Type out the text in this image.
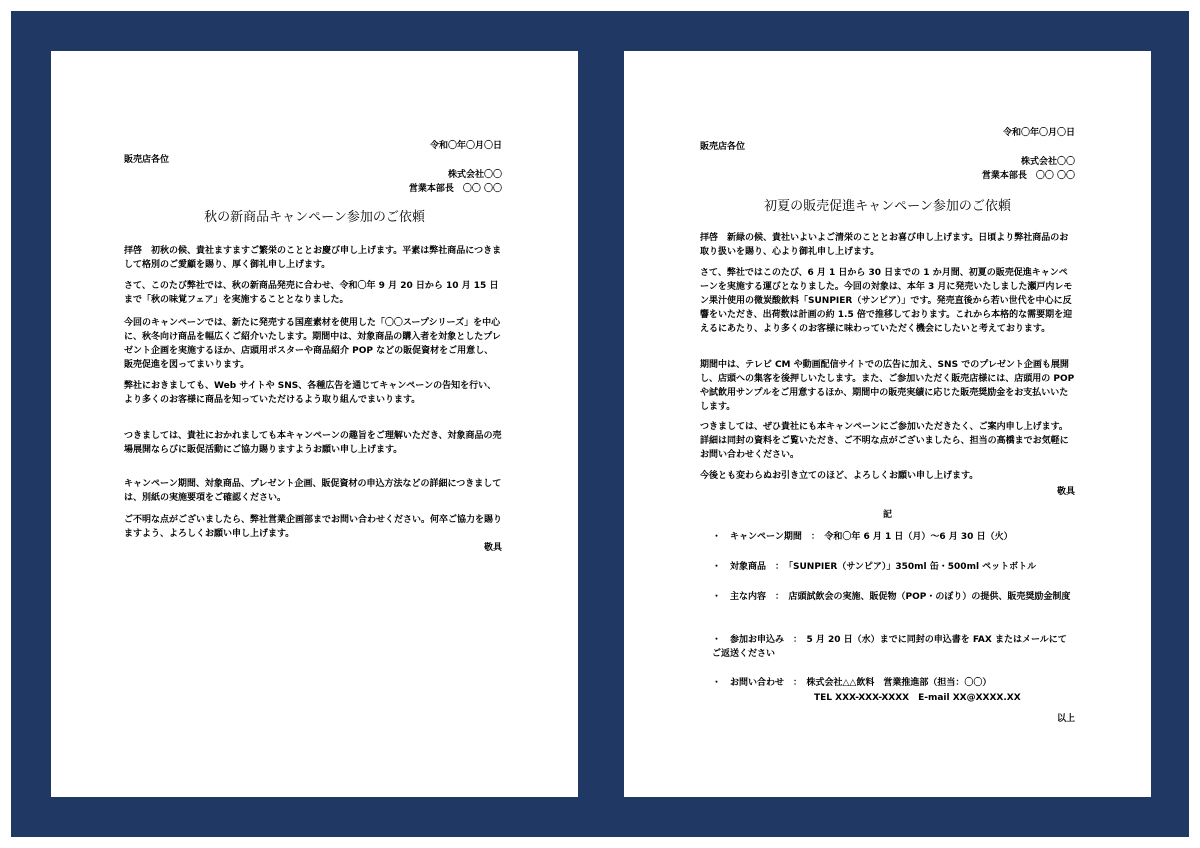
令和〇年〇月〇日
販売店各位
株式会社〇〇
営業本部長　〇〇 〇〇
秋の新商品キャンペーン参加のご依頼
拝啓　初秋の候、貴社ますますご繁栄のこととお慶び申し上げます。平素は弊社商品につきまして格別のご愛顧を賜り、厚く御礼申し上げます。
さて、このたび弊社では、秋の新商品発売に合わせ、令和〇年 9 月 20 日から 10 月 15 日まで「秋の味覚フェア」を実施することとなりました。
今回のキャンペーンでは、新たに発売する国産素材を使用した「〇〇スープシリーズ」を中心に、秋冬向け商品を幅広くご紹介いたします。期間中は、対象商品の購入者を対象としたプレゼント企画を実施するほか、店頭用ポスターや商品紹介 POP などの販促資材をご用意し、販売促進を図ってまいります。
弊社におきましても、Web サイトや SNS、各種広告を通じてキャンペーンの告知を行い、より多くのお客様に商品を知っていただけるよう取り組んでまいります。
つきましては、貴社におかれましても本キャンペーンの趣旨をご理解いただき、対象商品の売場展開ならびに販促活動にご協力賜りますようお願い申し上げます。
キャンペーン期間、対象商品、プレゼント企画、販促資材の申込方法などの詳細につきましては、別紙の実施要項をご確認ください。
ご不明な点がございましたら、弊社営業企画部までお問い合わせください。何卒ご協力を賜りますよう、よろしくお願い申し上げます。
敬具
令和〇年〇月〇日
販売店各位
株式会社〇〇
営業本部長　〇〇 〇〇
初夏の販売促進キャンペーン参加のご依頼
拝啓　新緑の候、貴社いよいよご清栄のこととお喜び申し上げます。日頃より弊社商品のお取り扱いを賜り、心より御礼申し上げます。
さて、弊社ではこのたび、6 月 1 日から 30 日までの 1 か月間、初夏の販売促進キャンペーンを実施する運びとなりました。今回の対象は、本年 3 月に発売いたしました瀬戸内レモン果汁使用の微炭酸飲料「SUNPIER（サンピア）」です。発売直後から若い世代を中心に反響をいただき、出荷数は計画の約 1.5 倍で推移しております。これから本格的な需要期を迎えるにあたり、より多くのお客様に味わっていただく機会にしたいと考えております。
期間中は、テレビ CM や動画配信サイトでの広告に加え、SNS でのプレゼント企画も展開し、店頭への集客を後押しいたします。また、ご参加いただく販売店様には、店頭用の POP や試飲用サンプルをご用意するほか、期間中の販売実績に応じた販売奨励金をお支払いいたします。
つきましては、ぜひ貴社にも本キャンペーンにご参加いただきたく、ご案内申し上げます。詳細は同封の資料をご覧いただき、ご不明な点がございましたら、担当の高橋までお気軽にお問い合わせください。
今後とも変わらぬお引き立てのほど、よろしくお願い申し上げます。
敬具
記
・　キャンペーン期間　：　令和〇年 6 月 1 日（月）～6 月 30 日（火）
・　対象商品　：　「SUNPIER（サンピア）」350ml 缶・500ml ペットボトル
・　主な内容　：　店頭試飲会の実施、販促物（POP・のぼり）の提供、販売奨励金制度
・　参加お申込み　：　5 月 20 日（水）までに同封の申込書を FAX またはメールにてご返送ください
・　お問い合わせ　：　株式会社△△飲料　営業推進部（担当：〇〇）
TEL XXX-XXX-XXXX　E-mail XX@XXXX.XX
以上
